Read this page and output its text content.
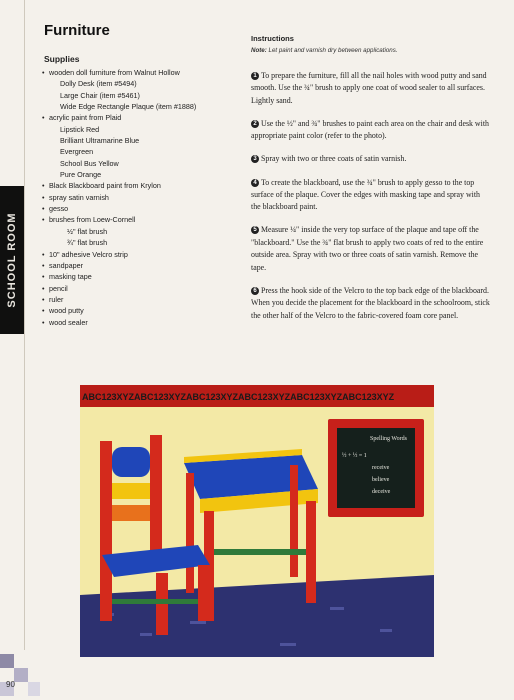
SCHOOL ROOM
90
Furniture
Supplies
• wooden doll furniture from Walnut Hollow
Dolly Desk (item #5494)
Large Chair (item #5461)
Wide Edge Rectangle Plaque (item #1888)
• acrylic paint from Plaid
Lipstick Red
Brilliant Ultramarine Blue
Evergreen
School Bus Yellow
Pure Orange
• Black Blackboard paint from Krylon
• spray satin varnish
• gesso
• brushes from Loew-Cornell
½" flat brush
¾" flat brush
• 10" adhesive Velcro strip
• sandpaper
• masking tape
• pencil
• ruler
• wood putty
• wood sealer
Instructions
Note: Let paint and varnish dry between applications.

1 To prepare the furniture, fill all the nail holes with wood putty and sand smooth. Use the ¾" brush to apply one coat of wood sealer to all surfaces. Lightly sand.

2 Use the ½" and ¾" brushes to paint each area on the chair and desk with appropriate paint color (refer to the photo).

3 Spray with two or three coats of satin varnish.

4 To create the blackboard, use the ¾" brush to apply gesso to the top surface of the plaque. Cover the edges with masking tape and spray with the blackboard paint.

5 Measure ¼" inside the very top surface of the plaque and tape off the "blackboard." Use the ¾" flat brush to apply two coats of red to the entire outside area. Spray with two or three coats of satin varnish. Remove the tape.

6 Press the hook side of the Velcro to the top back edge of the blackboard. When you decide the placement for the blackboard in the schoolroom, stick the other half of the Velcro to the fabric-covered foam core panel.

ABC123XYZABC123XYZABC123XYZABC123XYZABC123XYZABC123XYZ
Spelling Words
½ + ½ = 1
receive
believe
deceive
